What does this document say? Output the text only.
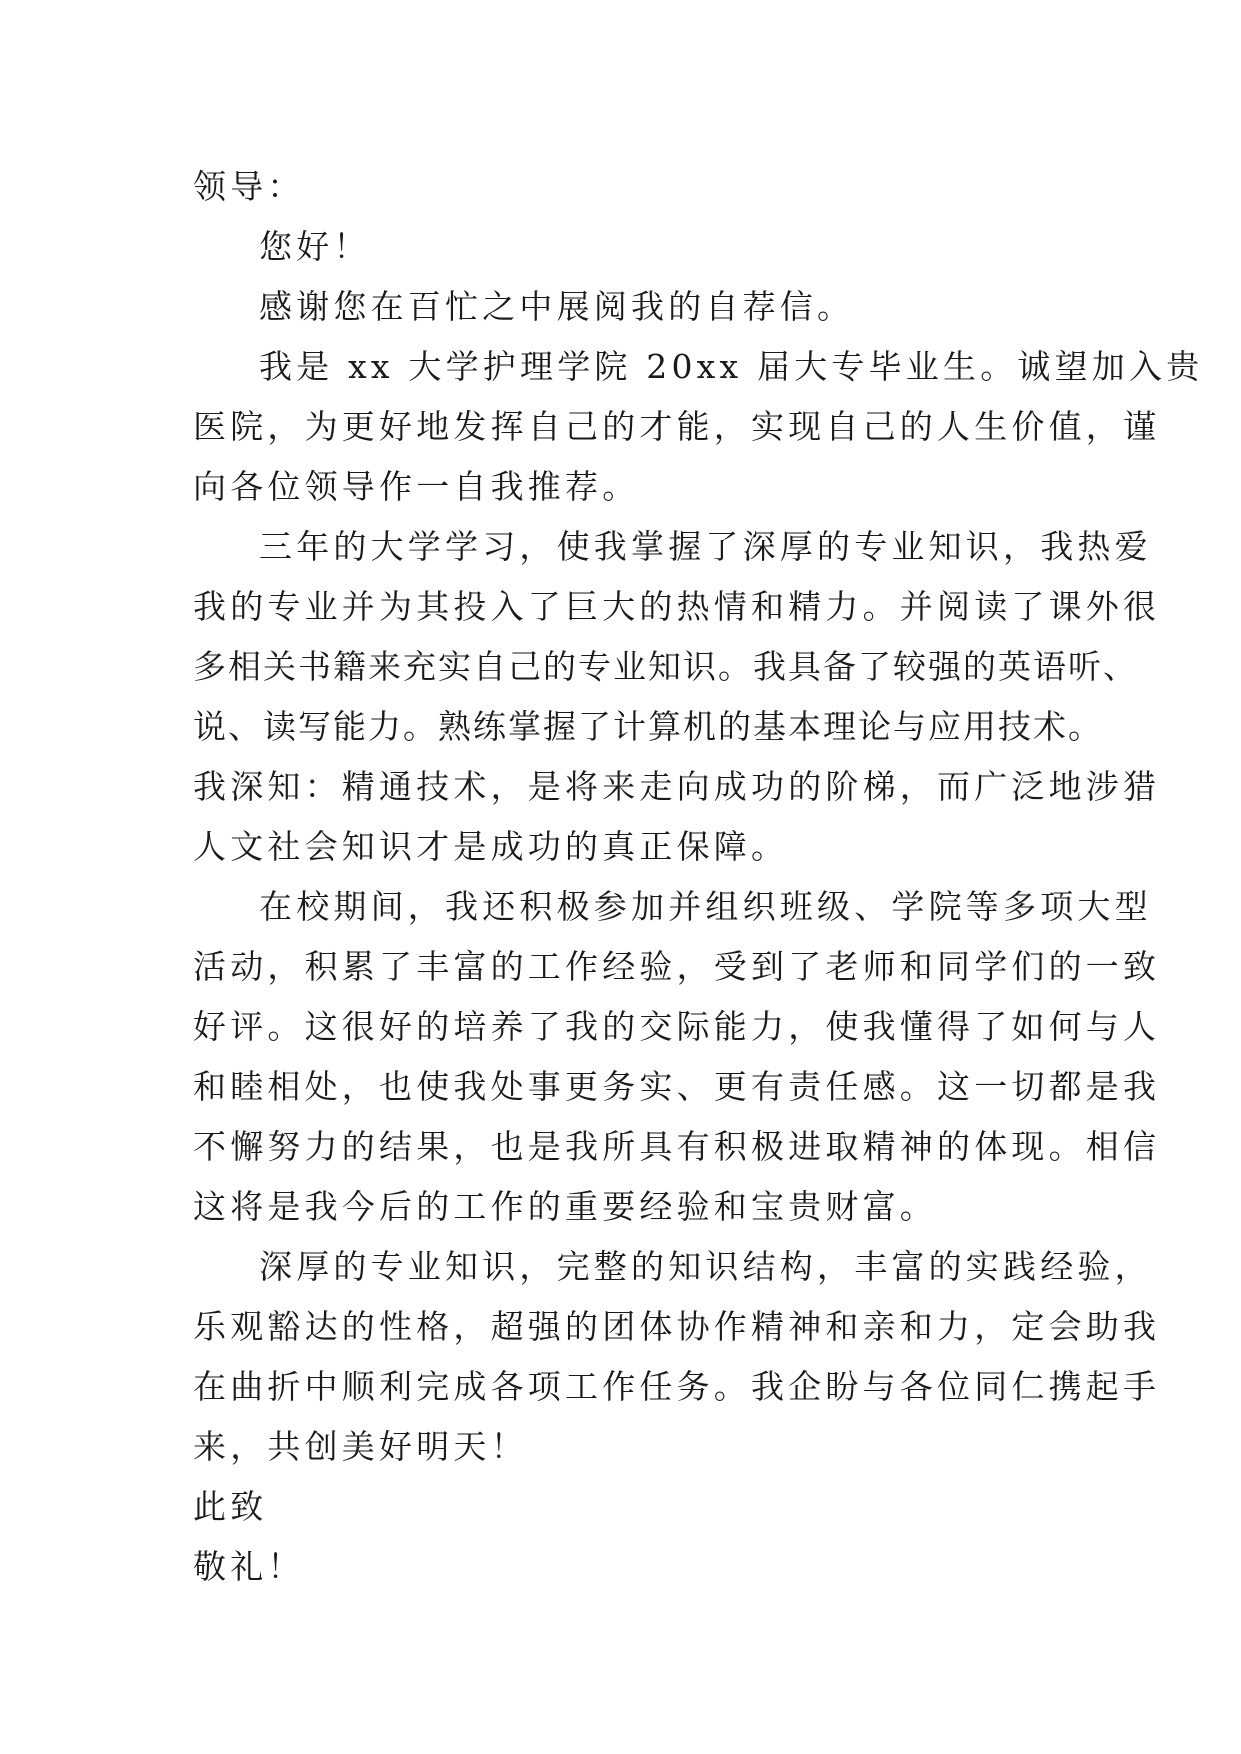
领导：
您好！
感谢您在百忙之中展阅我的自荐信。
我是 xx 大学护理学院 20xx 届大专毕业生。诚望加入贵
医院，为更好地发挥自己的才能，实现自己的人生价值，谨
向各位领导作一自我推荐。
三年的大学学习，使我掌握了深厚的专业知识，我热爱
我的专业并为其投入了巨大的热情和精力。并阅读了课外很
多相关书籍来充实自己的专业知识。我具备了较强的英语听、
说、读写能力。熟练掌握了计算机的基本理论与应用技术。
我深知：精通技术，是将来走向成功的阶梯，而广泛地涉猎
人文社会知识才是成功的真正保障。
在校期间，我还积极参加并组织班级、学院等多项大型
活动，积累了丰富的工作经验，受到了老师和同学们的一致
好评。这很好的培养了我的交际能力，使我懂得了如何与人
和睦相处，也使我处事更务实、更有责任感。这一切都是我
不懈努力的结果，也是我所具有积极进取精神的体现。相信
这将是我今后的工作的重要经验和宝贵财富。
深厚的专业知识，完整的知识结构，丰富的实践经验，
乐观豁达的性格，超强的团体协作精神和亲和力，定会助我
在曲折中顺利完成各项工作任务。我企盼与各位同仁携起手
来，共创美好明天！
此致
敬礼！
